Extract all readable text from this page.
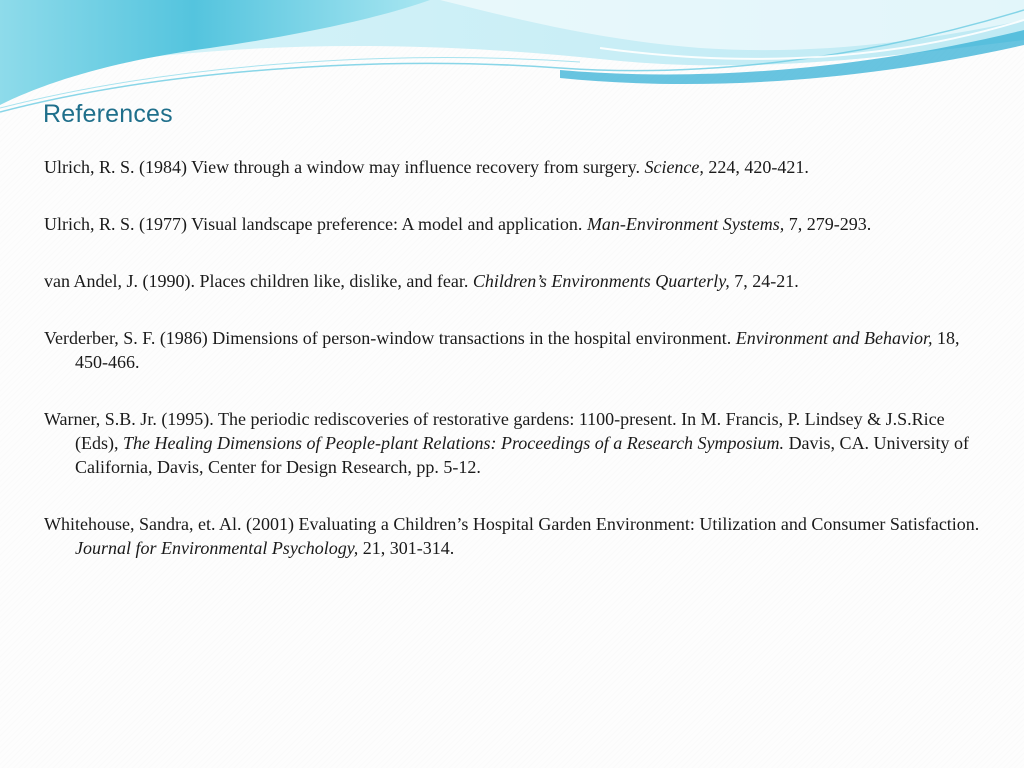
References
Ulrich, R. S. (1984) View through a window may influence recovery from surgery. Science, 224, 420-421.
Ulrich, R. S. (1977) Visual landscape preference: A model and application. Man-Environment Systems, 7, 279-293.
van Andel, J. (1990). Places children like, dislike, and fear. Children’s Environments Quarterly, 7, 24-21.
Verderber, S. F. (1986) Dimensions of person-window transactions in the hospital environment. Environment and Behavior, 18, 450-466.
Warner, S.B. Jr. (1995). The periodic rediscoveries of restorative gardens: 1100-present. In M. Francis, P. Lindsey & J.S.Rice (Eds), The Healing Dimensions of People-plant Relations: Proceedings of a Research Symposium. Davis, CA. University of California, Davis, Center for Design Research, pp. 5-12.
Whitehouse, Sandra, et. Al. (2001) Evaluating a Children’s Hospital Garden Environment: Utilization and Consumer Satisfaction. Journal for Environmental Psychology, 21, 301-314.
